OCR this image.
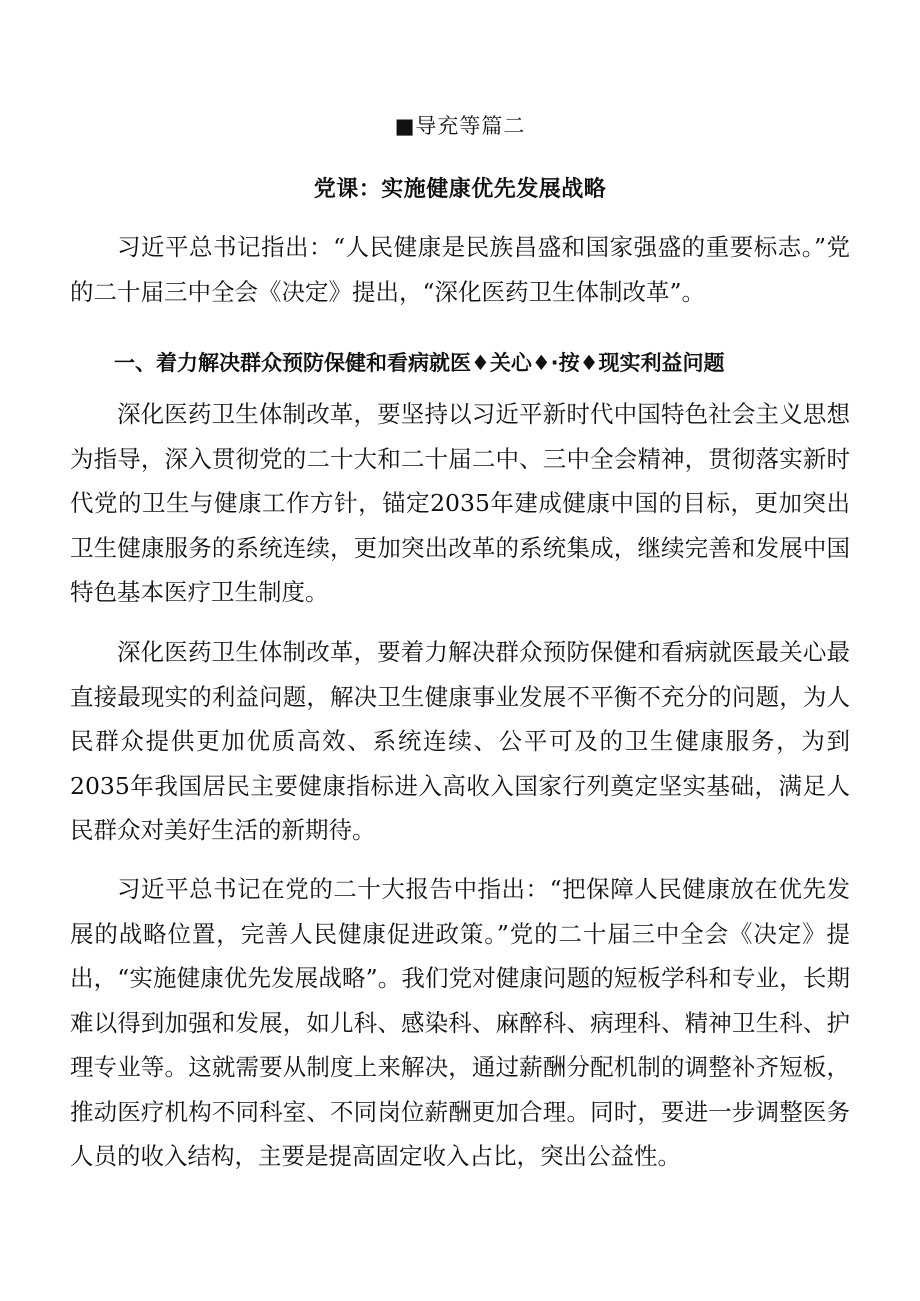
■导充等篇二
党课：实施健康优先发展战略

习近平总书记指出：“人民健康是民族昌盛和国家强盛的重要标志。”党的二十届三中全会《决定》提出，“深化医药卫生体制改革”。

一、着力解决群众预防保健和看病就医♦关心♦·按♦现实利益问题

深化医药卫生体制改革，要坚持以习近平新时代中国特色社会主义思想为指导，深入贯彻党的二十大和二十届二中、三中全会精神，贯彻落实新时代党的卫生与健康工作方针，锚定2035年建成健康中国的目标，更加突出卫生健康服务的系统连续，更加突出改革的系统集成，继续完善和发展中国特色基本医疗卫生制度。

深化医药卫生体制改革，要着力解决群众预防保健和看病就医最关心最直接最现实的利益问题，解决卫生健康事业发展不平衡不充分的问题，为人民群众提供更加优质高效、系统连续、公平可及的卫生健康服务，为到2035年我国居民主要健康指标进入高收入国家行列奠定坚实基础，满足人民群众对美好生活的新期待。

习近平总书记在党的二十大报告中指出：“把保障人民健康放在优先发展的战略位置，完善人民健康促进政策。”党的二十届三中全会《决定》提出，“实施健康优先发展战略”。我们党对健康问题的短板学科和专业，长期难以得到加强和发展，如儿科、感染科、麻醉科、病理科、精神卫生科、护理专业等。这就需要从制度上来解决，通过薪酬分配机制的调整补齐短板，推动医疗机构不同科室、不同岗位薪酬更加合理。同时，要进一步调整医务人员的收入结构，主要是提高固定收入占比，突出公益性。
